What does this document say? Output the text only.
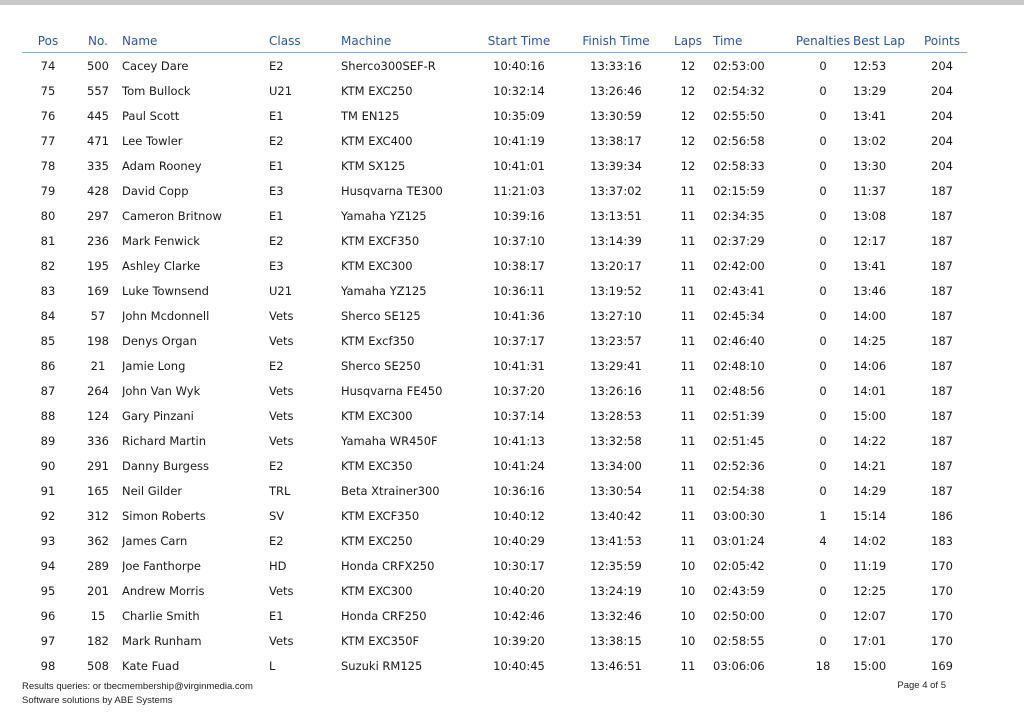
Pos	No.	Name	Class	Machine	Start Time	Finish Time	Laps	Time	Penalties	Best Lap	Points
74	500	Cacey Dare	E2	Sherco300SEF-R	10:40:16	13:33:16	12	02:53:00	0	12:53	204
75	557	Tom Bullock	U21	KTM EXC250	10:32:14	13:26:46	12	02:54:32	0	13:29	204
76	445	Paul Scott	E1	TM EN125	10:35:09	13:30:59	12	02:55:50	0	13:41	204
77	471	Lee Towler	E2	KTM EXC400	10:41:19	13:38:17	12	02:56:58	0	13:02	204
78	335	Adam Rooney	E1	KTM SX125	10:41:01	13:39:34	12	02:58:33	0	13:30	204
79	428	David Copp	E3	Husqvarna TE300	11:21:03	13:37:02	11	02:15:59	0	11:37	187
80	297	Cameron Britnow	E1	Yamaha YZ125	10:39:16	13:13:51	11	02:34:35	0	13:08	187
81	236	Mark Fenwick	E2	KTM EXCF350	10:37:10	13:14:39	11	02:37:29	0	12:17	187
82	195	Ashley Clarke	E3	KTM EXC300	10:38:17	13:20:17	11	02:42:00	0	13:41	187
83	169	Luke Townsend	U21	Yamaha YZ125	10:36:11	13:19:52	11	02:43:41	0	13:46	187
84	57	John Mcdonnell	Vets	Sherco SE125	10:41:36	13:27:10	11	02:45:34	0	14:00	187
85	198	Denys Organ	Vets	KTM Excf350	10:37:17	13:23:57	11	02:46:40	0	14:25	187
86	21	Jamie Long	E2	Sherco SE250	10:41:31	13:29:41	11	02:48:10	0	14:06	187
87	264	John Van Wyk	Vets	Husqvarna FE450	10:37:20	13:26:16	11	02:48:56	0	14:01	187
88	124	Gary Pinzani	Vets	KTM EXC300	10:37:14	13:28:53	11	02:51:39	0	15:00	187
89	336	Richard Martin	Vets	Yamaha WR450F	10:41:13	13:32:58	11	02:51:45	0	14:22	187
90	291	Danny Burgess	E2	KTM EXC350	10:41:24	13:34:00	11	02:52:36	0	14:21	187
91	165	Neil Gilder	TRL	Beta Xtrainer300	10:36:16	13:30:54	11	02:54:38	0	14:29	187
92	312	Simon Roberts	SV	KTM EXCF350	10:40:12	13:40:42	11	03:00:30	1	15:14	186
93	362	James Carn	E2	KTM EXC250	10:40:29	13:41:53	11	03:01:24	4	14:02	183
94	289	Joe Fanthorpe	HD	Honda CRFX250	10:30:17	12:35:59	10	02:05:42	0	11:19	170
95	201	Andrew Morris	Vets	KTM EXC300	10:40:20	13:24:19	10	02:43:59	0	12:25	170
96	15	Charlie Smith	E1	Honda CRF250	10:42:46	13:32:46	10	02:50:00	0	12:07	170
97	182	Mark Runham	Vets	KTM EXC350F	10:39:20	13:38:15	10	02:58:55	0	17:01	170
98	508	Kate Fuad	L	Suzuki RM125	10:40:45	13:46:51	11	03:06:06	18	15:00	169
Results queries: or tbecmembership@virginmedia.com
Software solutions by ABE Systems
Page 4 of 5
